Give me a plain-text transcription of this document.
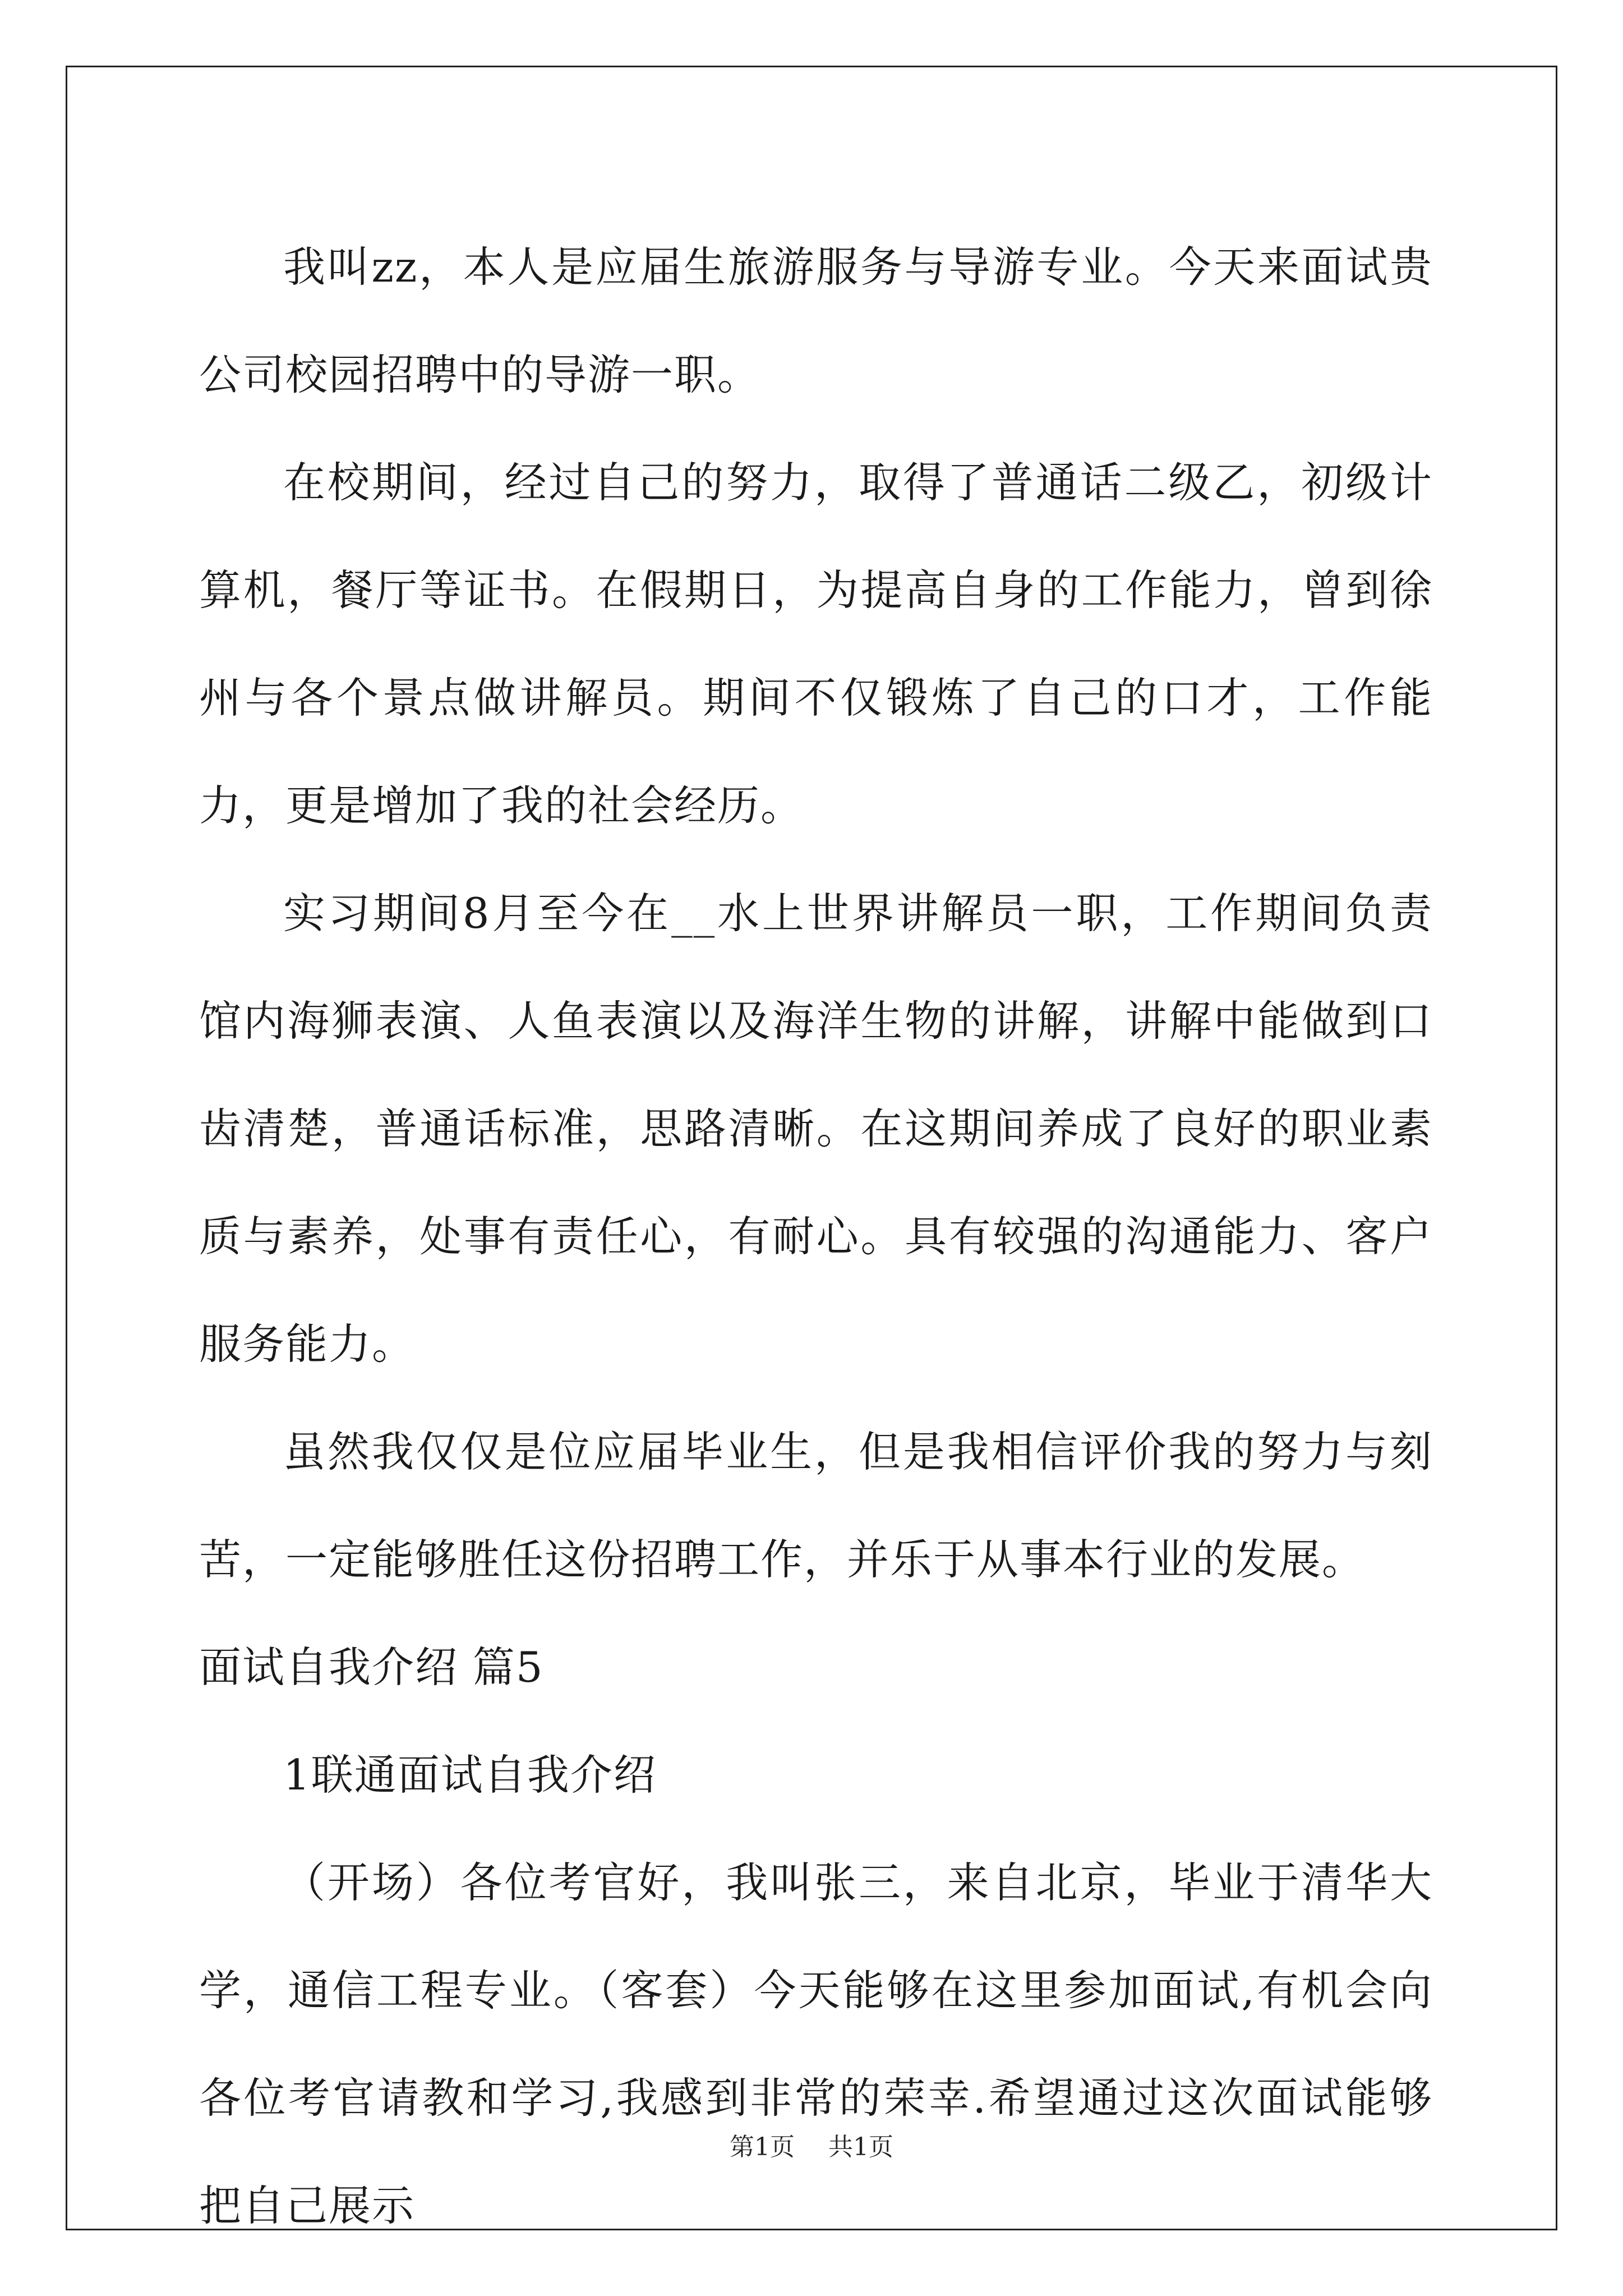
我叫zz，本人是应届生旅游服务与导游专业。今天来面试贵公司校园招聘中的导游一职。

在校期间，经过自己的努力，取得了普通话二级乙，初级计算机，餐厅等证书。在假期日，为提高自身的工作能力，曾到徐州与各个景点做讲解员。期间不仅锻炼了自己的口才，工作能力，更是增加了我的社会经历。

实习期间8月至今在__水上世界讲解员一职，工作期间负责馆内海狮表演、人鱼表演以及海洋生物的讲解，讲解中能做到口齿清楚，普通话标准，思路清晰。在这期间养成了良好的职业素质与素养，处事有责任心，有耐心。具有较强的沟通能力、客户服务能力。

虽然我仅仅是位应届毕业生，但是我相信评价我的努力与刻苦，一定能够胜任这份招聘工作，并乐于从事本行业的发展。

面试自我介绍 篇5

1联通面试自我介绍

（开场）各位考官好，我叫张三，来自北京，毕业于清华大学，通信工程专业。（客套）今天能够在这里参加面试,有机会向各位考官请教和学习,我感到非常的荣幸.希望通过这次面试能够把自己展示

第1页 共1页
